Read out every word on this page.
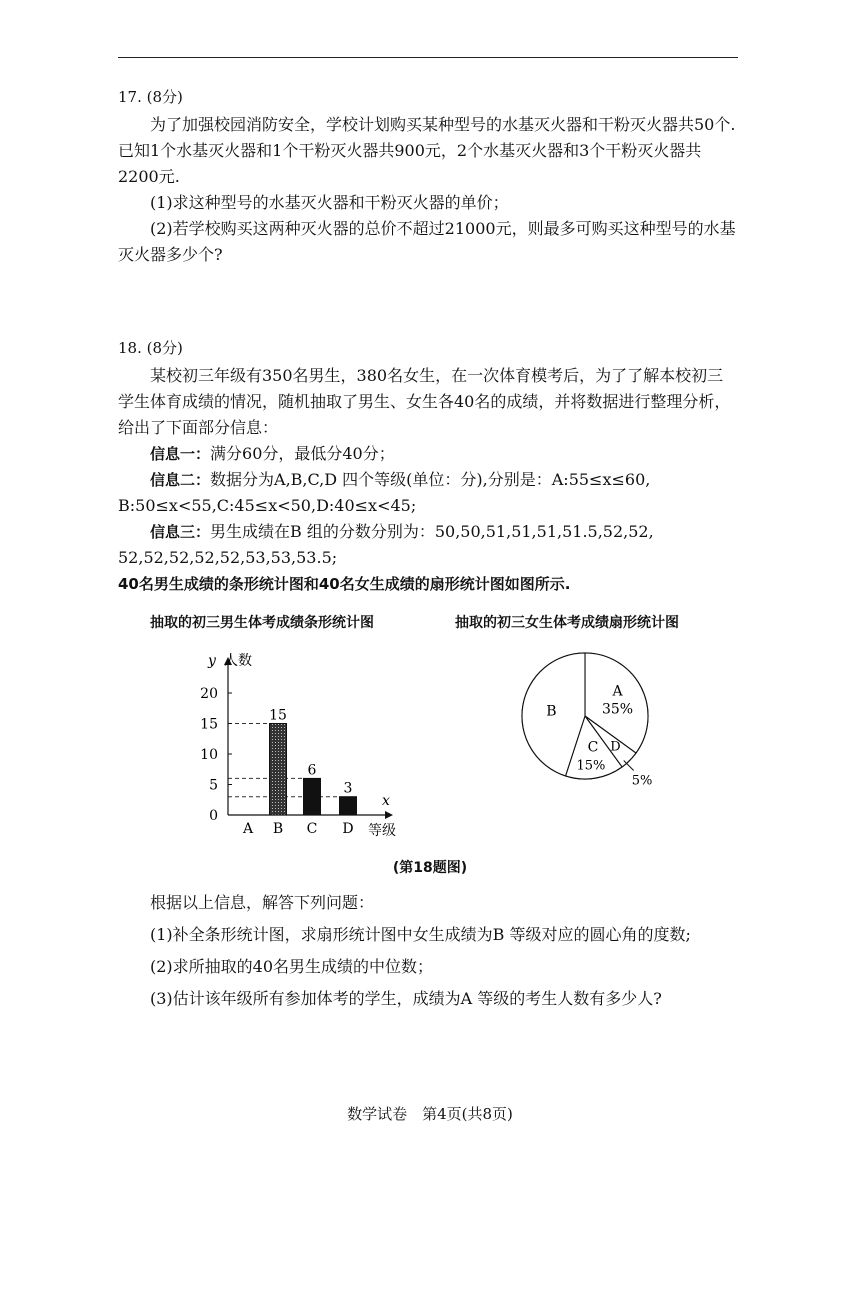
17. (8分)

为了加强校园消防安全，学校计划购买某种型号的水基灭火器和干粉灭火器共50个.已知1个水基灭火器和1个干粉灭火器共900元，2个水基灭火器和3个干粉灭火器共2200元.

(1)求这种型号的水基灭火器和干粉灭火器的单价；

(2)若学校购买这两种灭火器的总价不超过21000元，则最多可购买这种型号的水基灭火器多少个?

18. (8分)

某校初三年级有350名男生，380名女生，在一次体育模考后，为了了解本校初三学生体育成绩的情况，随机抽取了男生、女生各40名的成绩，并将数据进行整理分析，给出了下面部分信息：

信息一：满分60分，最低分40分；

信息二：数据分为A,B,C,D 四个等级(单位：分),分别是：A:55≤x≤60, B:50≤x<55,C:45≤x<50,D:40≤x<45;

信息三：男生成绩在B 组的分数分别为：50,50,51,51,51,51.5,52,52, 52,52,52,52,52,53,53,53.5;

40名男生成绩的条形统计图和40名女生成绩的扇形统计图如图所示.

抽取的初三男生体考成绩条形统计图	抽取的初三女生体考成绩扇形统计图
0
5
10
15
20
y 人数
x
等级
A B
15
C
6
D
3
A
35%
D
5%
C
15%
B
(第18题图)

根据以上信息，解答下列问题：

(1)补全条形统计图，求扇形统计图中女生成绩为B 等级对应的圆心角的度数;

(2)求所抽取的40名男生成绩的中位数；

(3)估计该年级所有参加体考的学生，成绩为A 等级的考生人数有多少人?

数学试卷　第4页(共8页)
